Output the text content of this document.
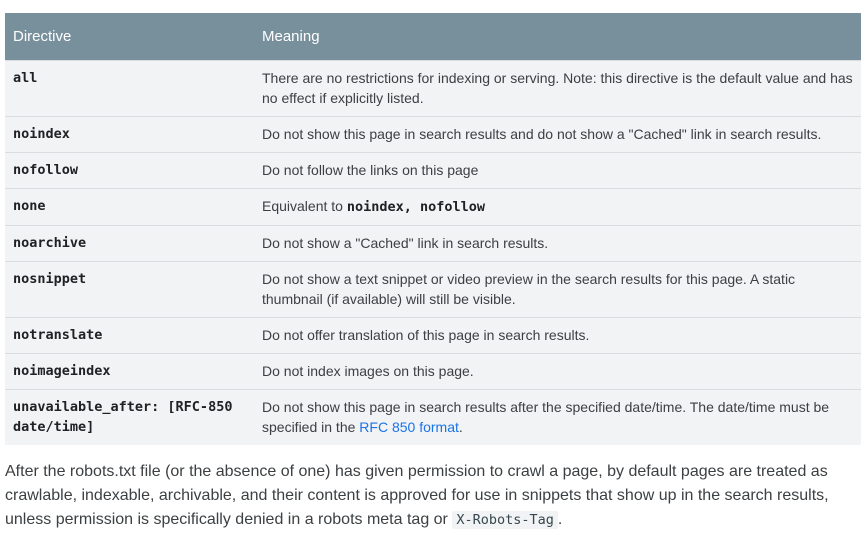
Directive	Meaning
all	There are no restrictions for indexing or serving. Note: this directive is the default value and has no effect if explicitly listed.
noindex	Do not show this page in search results and do not show a "Cached" link in search results.
nofollow	Do not follow the links on this page
none	Equivalent to noindex, nofollow
noarchive	Do not show a "Cached" link in search results.
nosnippet	Do not show a text snippet or video preview in the search results for this page. A static thumbnail (if available) will still be visible.
notranslate	Do not offer translation of this page in search results.
noimageindex	Do not index images on this page.
unavailable_after: [RFC-850 date/time]	Do not show this page in search results after the specified date/time. The date/time must be specified in the RFC 850 format.

After the robots.txt file (or the absence of one) has given permission to crawl a page, by default pages are treated as crawlable, indexable, archivable, and their content is approved for use in snippets that show up in the search results, unless permission is specifically denied in a robots meta tag or X-Robots-Tag .
